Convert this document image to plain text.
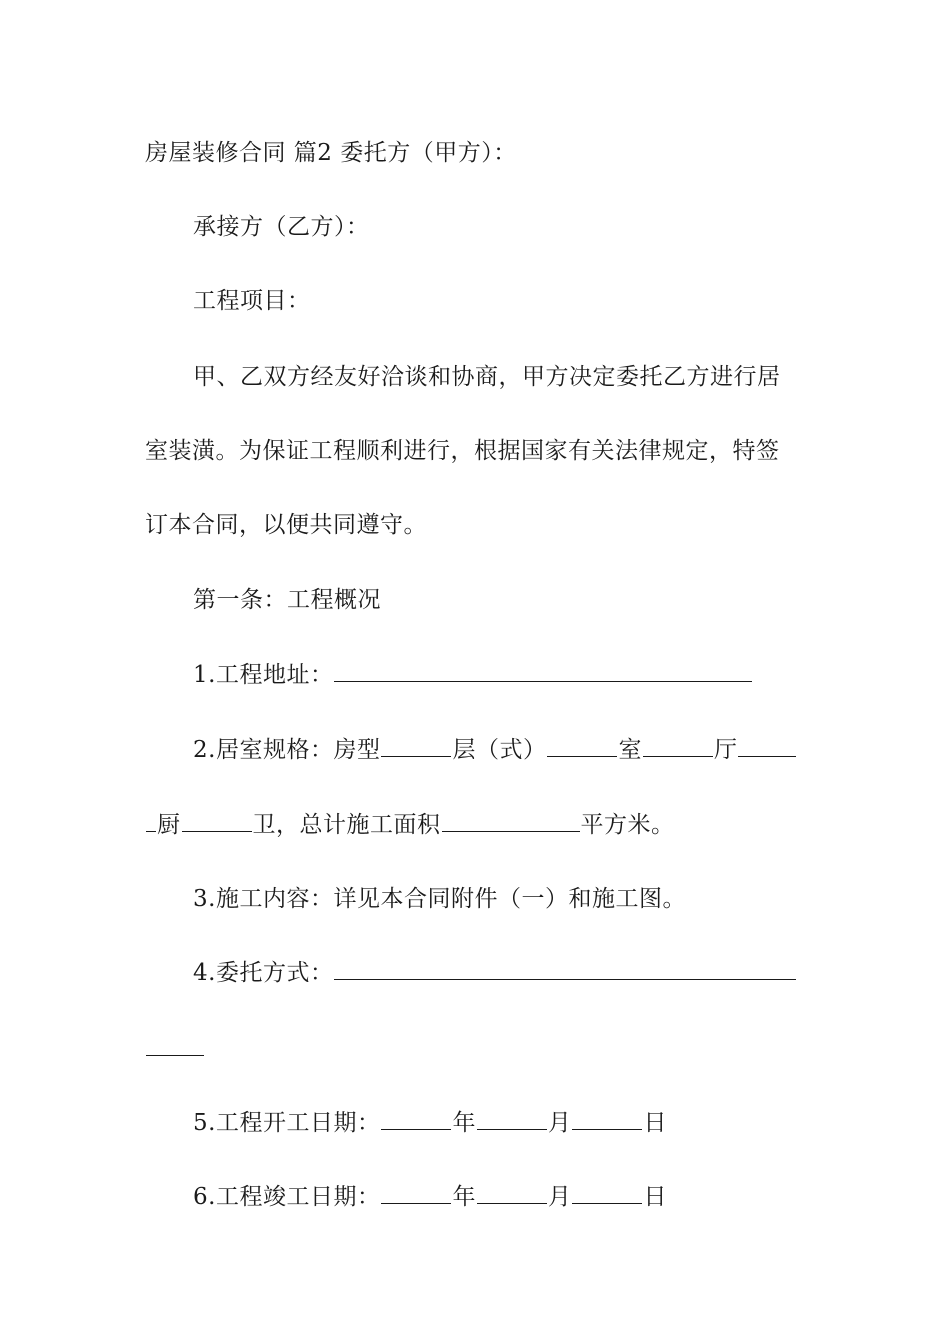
房屋装修合同 篇2 委托方（甲方）：
承接方（乙方）：
工程项目：
甲、乙双方经友好洽谈和协商，甲方决定委托乙方进行居
室装潢。为保证工程顺利进行，根据国家有关法律规定，特签
订本合同，以便共同遵守。
第一条：工程概况
1.工程地址：
2.居室规格：房型	层（式）	室	厅
厨	卫，总计施工面积	平方米。
3.施工内容：详见本合同附件（一）和施工图。
4.委托方式：
5.工程开工日期：	年	月	日
6.工程竣工日期：	年	月	日
